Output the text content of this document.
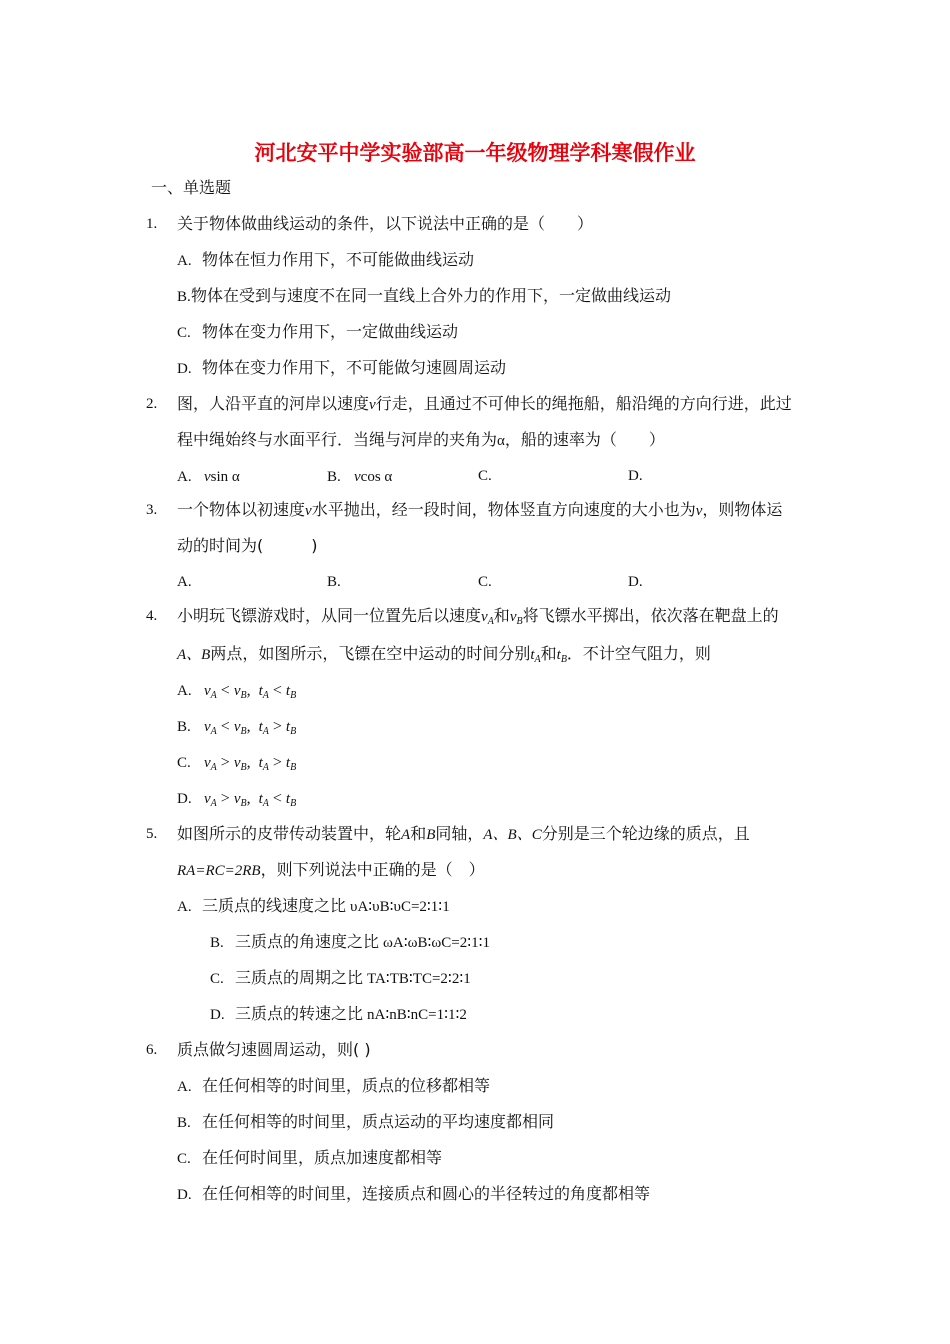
河北安平中学实验部高一年级物理学科寒假作业
一、单选题
1. 关于物体做曲线运动的条件，以下说法中正确的是（　　）
A. 物体在恒力作用下，不可能做曲线运动
B.物体在受到与速度不在同一直线上合外力的作用下，一定做曲线运动
C. 物体在变力作用下，一定做曲线运动
D. 物体在变力作用下，不可能做匀速圆周运动
2. 图，人沿平直的河岸以速度v行走，且通过不可伸长的绳拖船，船沿绳的方向行进，此过
程中绳始终与水面平行．当绳与河岸的夹角为α，船的速率为（　　）
A. vsin α	B. vcos α	C.	D.
3. 一个物体以初速度v水平抛出，经一段时间，物体竖直方向速度的大小也为v，则物体运
动的时间为(　　　)
A.	B.	C.	D.
4. 小明玩飞镖游戏时，从同一位置先后以速度$v_A$和$v_B$将飞镖水平掷出，依次落在靶盘上的
A、B两点，如图所示，飞镖在空中运动的时间分别$t_A$和$t_B$．不计空气阻力，则
A. $v_A < v_B$, $t_A < t_B$
B. $v_A < v_B$, $t_A > t_B$
C. $v_A > v_B$, $t_A > t_B$
D. $v_A > v_B$, $t_A < t_B$
5. 如图所示的皮带传动装置中，轮A和B同轴，A、B、C分别是三个轮边缘的质点，且
RA=RC=2RB，则下列说法中正确的是（　）
A. 三质点的线速度之比 υA∶υB∶υC=2∶1∶1
B. 三质点的角速度之比 ωA∶ωB∶ωC=2∶1∶1
C. 三质点的周期之比 TA∶TB∶TC=2∶2∶1
D. 三质点的转速之比 nA∶nB∶nC=1∶1∶2
6. 质点做匀速圆周运动，则( )
A. 在任何相等的时间里，质点的位移都相等
B. 在任何相等的时间里，质点运动的平均速度都相同
C. 在任何时间里，质点加速度都相等
D. 在任何相等的时间里，连接质点和圆心的半径转过的角度都相等
